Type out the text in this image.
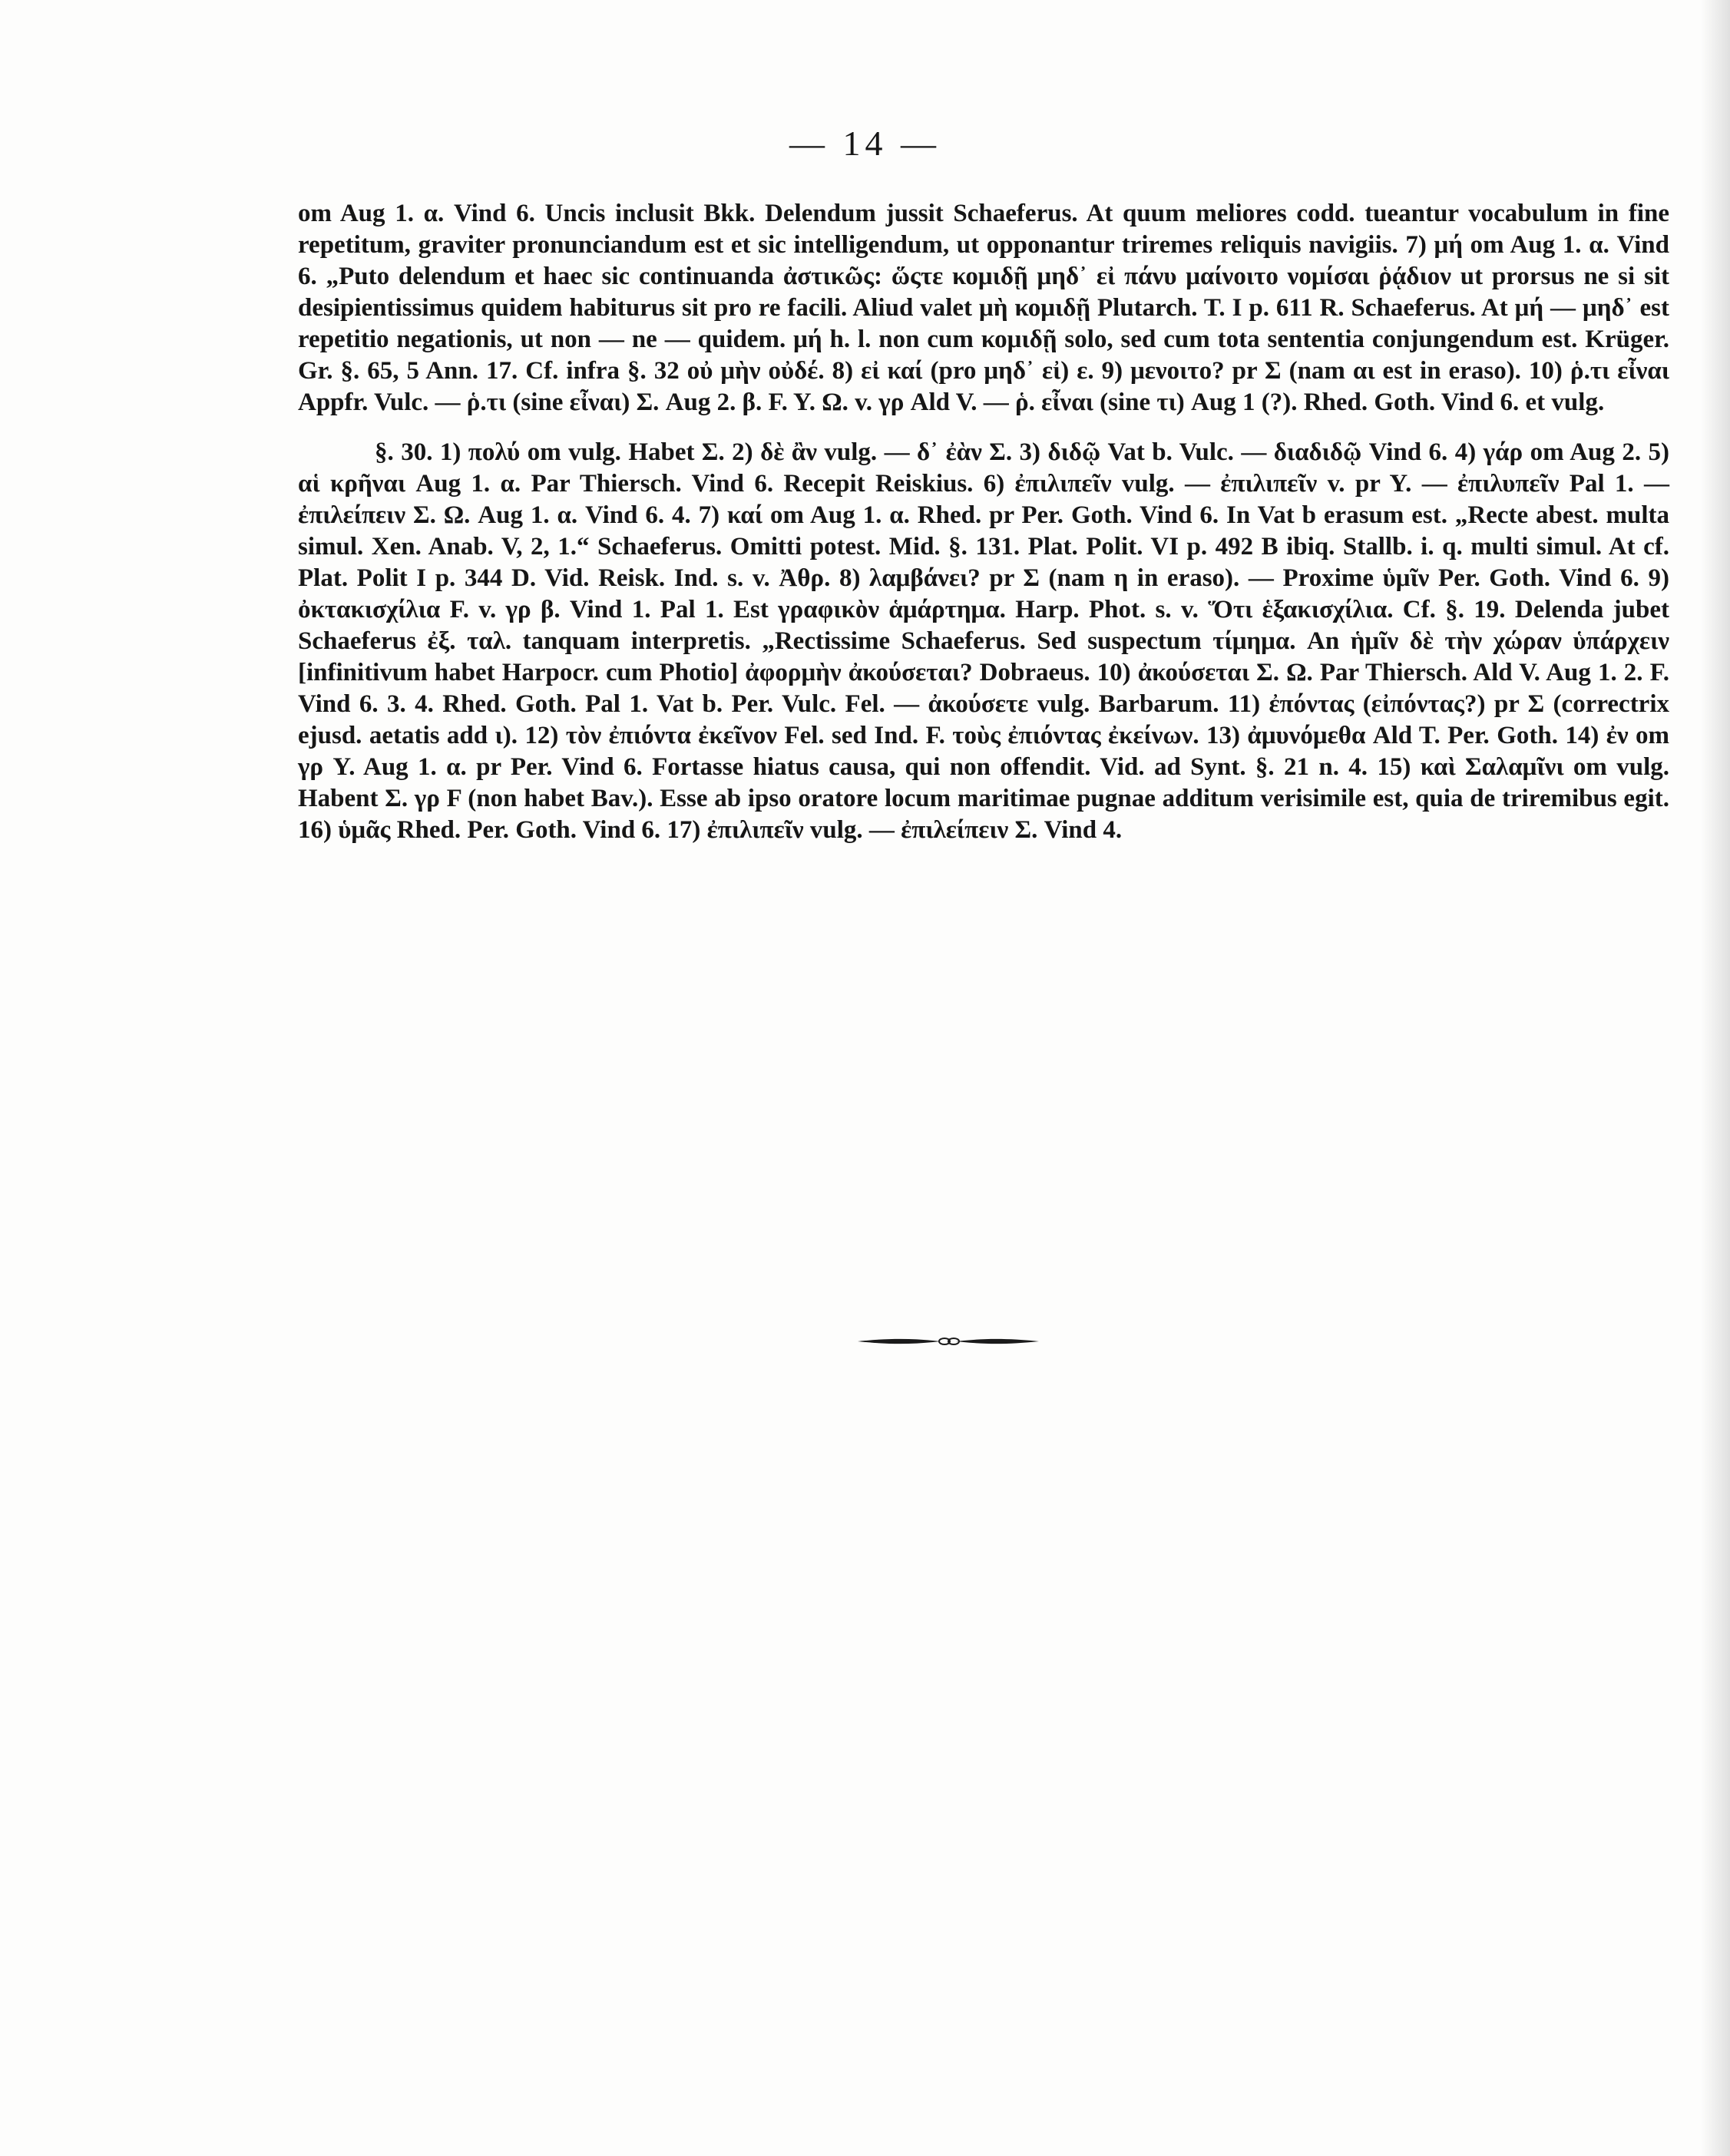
— 14 —

om Aug 1. α. Vind 6. Uncis inclusit Bkk. Delendum jussit Schaeferus. At quum meliores codd. tueantur vocabulum in fine repetitum, graviter pronunciandum est et sic intelligendum, ut opponantur triremes reliquis navigiis. 7) μή om Aug 1. α. Vind 6. „Puto delendum et haec sic continuanda ἀστικῶς: ὥςτε κομιδῇ μηδ᾽ εἰ πάνυ μαίνοιτο νομίσαι ῥᾴδιον ut prorsus ne si sit desipientissimus quidem habiturus sit pro re facili. Aliud valet μὴ κομιδῇ Plutarch. T. I p. 611 R. Schaeferus. At μή — μηδ᾽ est repetitio negationis, ut non — ne — quidem. μή h. l. non cum κομιδῇ solo, sed cum tota sententia conjungendum est. Krüger. Gr. §. 65, 5 Ann. 17. Cf. infra §. 32 οὐ μὴν οὐδέ. 8) εἰ καί (pro μηδ᾽ εἰ) ε. 9) μενοιτο? pr Σ (nam αι est in eraso). 10) ῥ.τι εἶναι Appfr. Vulc. — ῥ.τι (sine εἶναι) Σ. Aug 2. β. F. Y. Ω. v. γρ Ald V. — ῥ. εἶναι (sine τι) Aug 1 (?). Rhed. Goth. Vind 6. et vulg.

§. 30. 1) πολύ om vulg. Habet Σ. 2) δὲ ἂν vulg. — δ᾽ ἐὰν Σ. 3) διδῷ Vat b. Vulc. — διαδιδῷ Vind 6. 4) γάρ om Aug 2. 5) αἱ κρῆναι Aug 1. α. Par Thiersch. Vind 6. Recepit Reiskius. 6) ἐπιλιπεῖν vulg. — ἐπιλιπεῖν v. pr Y. — ἐπιλυπεῖν Pal 1. — ἐπιλείπειν Σ. Ω. Aug 1. α. Vind 6. 4. 7) καί om Aug 1. α. Rhed. pr Per. Goth. Vind 6. In Vat b erasum est. „Recte abest. multa simul. Xen. Anab. V, 2, 1.“ Schaeferus. Omitti potest. Mid. §. 131. Plat. Polit. VI p. 492 B ibiq. Stallb. i. q. multi simul. At cf. Plat. Polit I p. 344 D. Vid. Reisk. Ind. s. v. Ἀθρ. 8) λαμβάνει? pr Σ (nam η in eraso). — Proxime ὑμῖν Per. Goth. Vind 6. 9) ὀκτακισχίλια F. v. γρ β. Vind 1. Pal 1. Est γραφικὸν ἁμάρτημα. Harp. Phot. s. v. Ὅτι ἑξακισχίλια. Cf. §. 19. Delenda jubet Schaeferus ἐξ. ταλ. tanquam interpretis. „Rectissime Schaeferus. Sed suspectum τίμημα. An ἡμῖν δὲ τὴν χώραν ὑπάρχειν [infinitivum habet Harpocr. cum Photio] ἀφορμὴν ἀκούσεται? Dobraeus. 10) ἀκούσεται Σ. Ω. Par Thiersch. Ald V. Aug 1. 2. F. Vind 6. 3. 4. Rhed. Goth. Pal 1. Vat b. Per. Vulc. Fel. — ἀκούσετε vulg. Barbarum. 11) ἐπόντας (εἰπόντας?) pr Σ (correctrix ejusd. aetatis add ι). 12) τὸν ἐπιόντα ἐκεῖνον Fel. sed Ind. F. τοὺς ἐπιόντας ἐκείνων. 13) ἀμυνόμεθα Ald T. Per. Goth. 14) ἐν om γρ Y. Aug 1. α. pr Per. Vind 6. Fortasse hiatus causa, qui non offendit. Vid. ad Synt. §. 21 n. 4. 15) καὶ Σαλαμῖνι om vulg. Habent Σ. γρ F (non habet Bav.). Esse ab ipso oratore locum maritimae pugnae additum verisimile est, quia de triremibus egit. 16) ὑμᾶς Rhed. Per. Goth. Vind 6. 17) ἐπιλιπεῖν vulg. — ἐπιλείπειν Σ. Vind 4.
